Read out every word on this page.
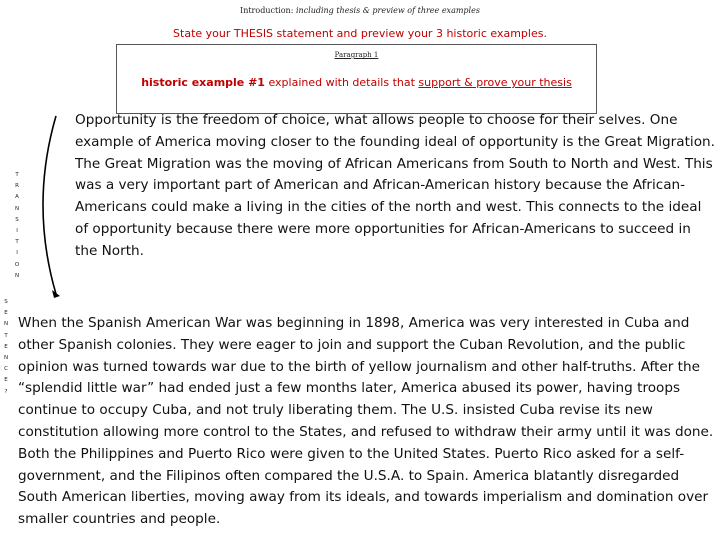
Introduction: including thesis & preview of three examples
State your THESIS statement and preview your 3 historic examples.
Paragraph 1
historic example #1 explained with details that support & prove your thesis
T
R
A
N
S
I
T
I
O
N
S
E
N
T
E
N
C
E
?
Opportunity is the freedom of choice, what allows people to choose for their selves. One example of America moving closer to the founding ideal of opportunity is the Great Migration. The Great Migration was the moving of African Americans from South to North and West. This was a very important part of American and African-American history because the African-Americans could make a living in the cities of the north and west. This connects to the ideal of opportunity because there were more opportunities for African-Americans to succeed in the North.
When the Spanish American War was beginning in 1898, America was very interested in Cuba and other Spanish colonies. They were eager to join and support the Cuban Revolution, and the public opinion was turned towards war due to the birth of yellow journalism and other half-truths. After the “splendid little war” had ended just a few months later, America abused its power, having troops continue to occupy Cuba, and not truly liberating them. The U.S. insisted Cuba revise its new constitution allowing more control to the States, and refused to withdraw their army until it was done. Both the Philippines and Puerto Rico were given to the United States. Puerto Rico asked for a self-government, and the Filipinos often compared the U.S.A. to Spain. America blatantly disregarded South American liberties, moving away from its ideals, and towards imperialism and domination over smaller countries and people.
